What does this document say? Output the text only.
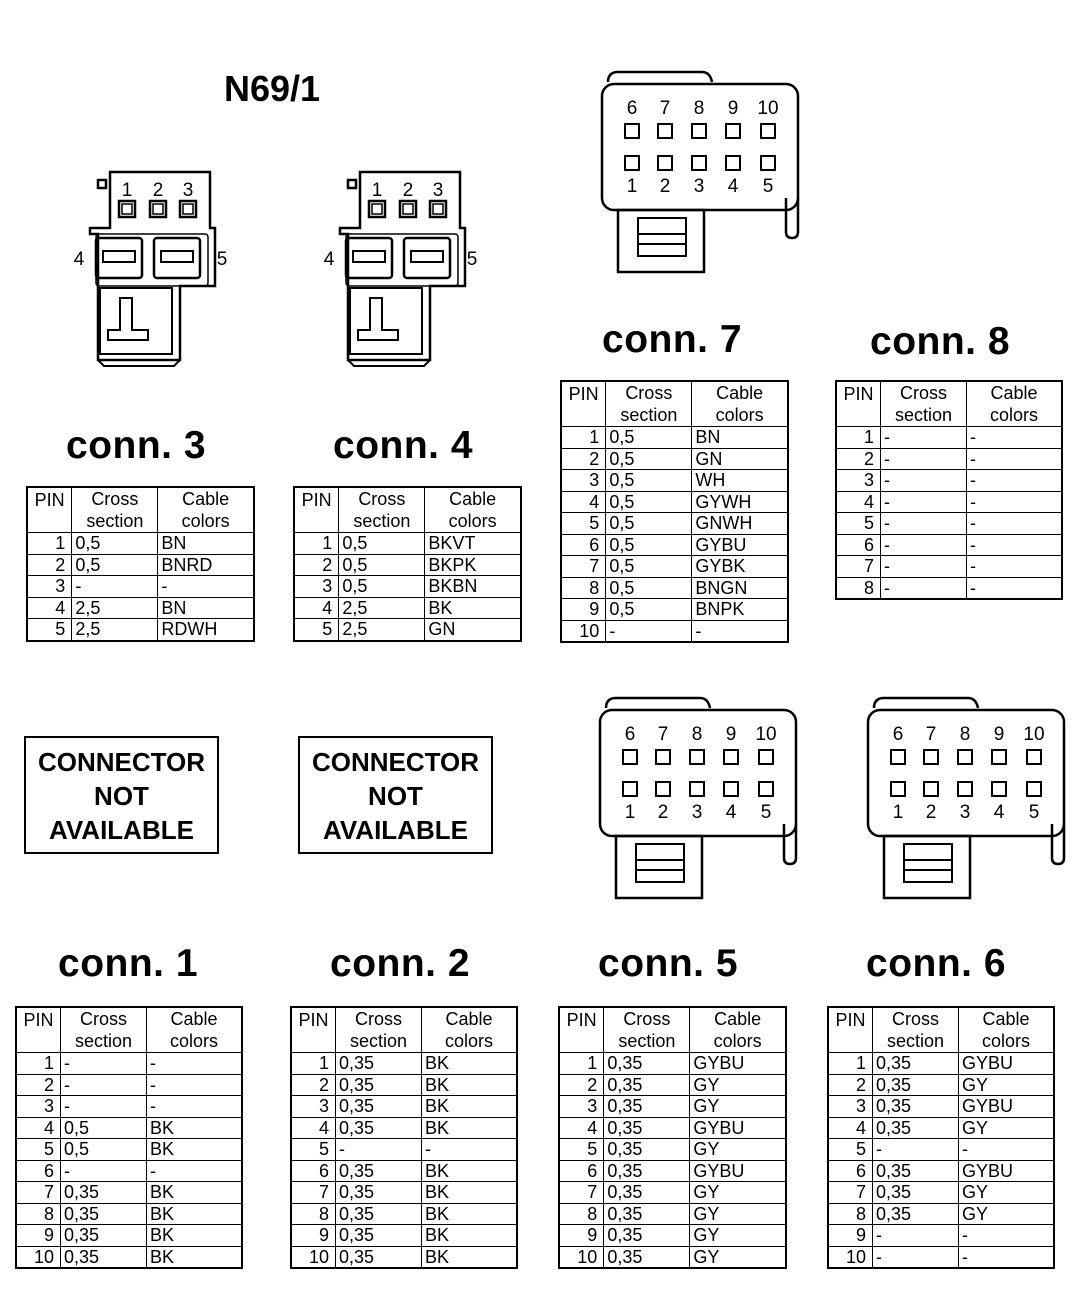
N69/1
1 2 3
4	5
1 2 3
4	5
6
1
7
2
8
3
9
4
10
5
6
1
7
2
8
3
9
4
10
5
6
1
7
2
8
3
9
4
10
5
conn. 3	conn. 4
conn. 7	conn. 8
conn. 1	conn. 2	conn. 5	conn. 6
CONNECTOR
NOT
AVAILABLE
CONNECTOR
NOT
AVAILABLE
PIN	Cross section	Cable colors
1	0,5	BN
2	0,5	BNRD
3	-	-
4	2,5	BN
5	2,5	RDWH
PIN	Cross section	Cable colors
1	0,5	BKVT
2	0,5	BKPK
3	0,5	BKBN
4	2,5	BK
5	2,5	GN
PIN	Cross section	Cable colors
1	0,5	BN
2	0,5	GN
3	0,5	WH
4	0,5	GYWH
5	0,5	GNWH
6	0,5	GYBU
7	0,5	GYBK
8	0,5	BNGN
9	0,5	BNPK
10	-	-
PIN	Cross section	Cable colors
1	-	-
2	-	-
3	-	-
4	-	-
5	-	-
6	-	-
7	-	-
8	-	-
PIN	Cross section	Cable colors
1	-	-
2	-	-
3	-	-
4	0,5	BK
5	0,5	BK
6	-	-
7	0,35	BK
8	0,35	BK
9	0,35	BK
10	0,35	BK
PIN	Cross section	Cable colors
1	0,35	BK
2	0,35	BK
3	0,35	BK
4	0,35	BK
5	-	-
6	0,35	BK
7	0,35	BK
8	0,35	BK
9	0,35	BK
10	0,35	BK
PIN	Cross section	Cable colors
1	0,35	GYBU
2	0,35	GY
3	0,35	GY
4	0,35	GYBU
5	0,35	GY
6	0,35	GYBU
7	0,35	GY
8	0,35	GY
9	0,35	GY
10	0,35	GY
PIN	Cross section	Cable colors
1	0,35	GYBU
2	0,35	GY
3	0,35	GYBU
4	0,35	GY
5	-	-
6	0,35	GYBU
7	0,35	GY
8	0,35	GY
9	-	-
10	-	-
